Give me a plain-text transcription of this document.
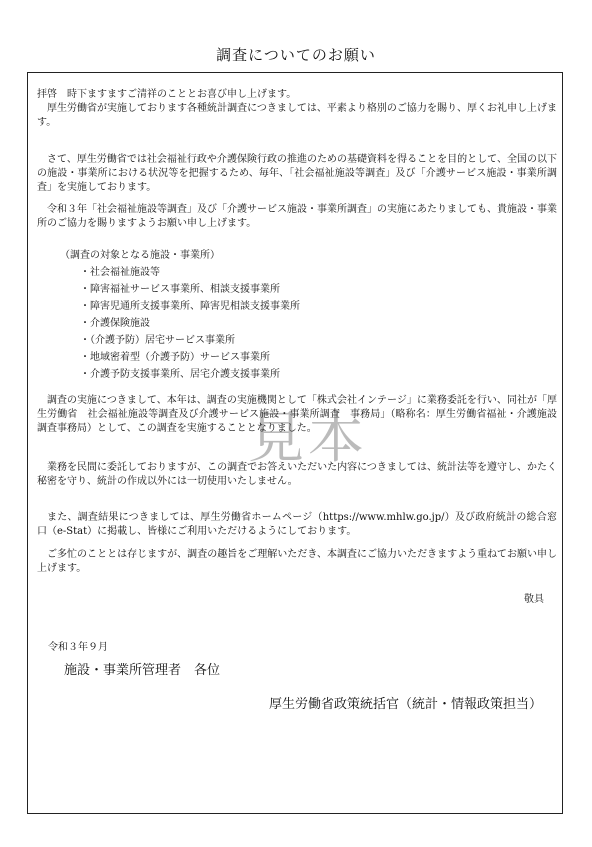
調査についてのお願い

拝啓　時下ますますご清祥のこととお喜び申し上げます。

厚生労働省が実施しております各種統計調査につきましては、平素より格別のご協力を賜り、厚くお礼申し上げます。

さて、厚生労働省では社会福祉行政や介護保険行政の推進のための基礎資料を得ることを目的として、全国の以下の施設・事業所における状況等を把握するため、毎年、「社会福祉施設等調査」及び「介護サービス施設・事業所調査」を実施しております。

令和３年「社会福祉施設等調査」及び「介護サービス施設・事業所調査」の実施にあたりましても、貴施設・事業所のご協力を賜りますようお願い申し上げます。

（調査の対象となる施設・事業所）

・ 社会福祉施設等
・ 障害福祉サービス事業所、相談支援事業所
・ 障害児通所支援事業所、障害児相談支援事業所
・ 介護保険施設
・ （介護予防）居宅サービス事業所
・ 地域密着型（介護予防）サービス事業所
・ 介護予防支援事業所、居宅介護支援事業所

調査の実施につきまして、本年は、調査の実施機関として「株式会社インテージ」に業務委託を行い、同社が「厚生労働省　社会福祉施設等調査及び介護サービス施設・事業所調査　事務局」（略称名：厚生労働省福祉・介護施設調査事務局）として、この調査を実施することとなりました。

業務を民間に委託しておりますが、この調査でお答えいただいた内容につきましては、統計法等を遵守し、かたく秘密を守り、統計の作成以外には一切使用いたしません。

また、調査結果につきましては、厚生労働省ホームページ（https://www.mhlw.go.jp/）及び政府統計の総合窓口（e-Stat）に掲載し、皆様にご利用いただけるようにしております。

ご多忙のこととは存じますが、調査の趣旨をご理解いただき、本調査にご協力いただきますよう重ねてお願い申し上げます。

敬具

令和３年９月

施設・事業所管理者　各位

厚生労働省政策統括官（統計・情報政策担当）

見本
